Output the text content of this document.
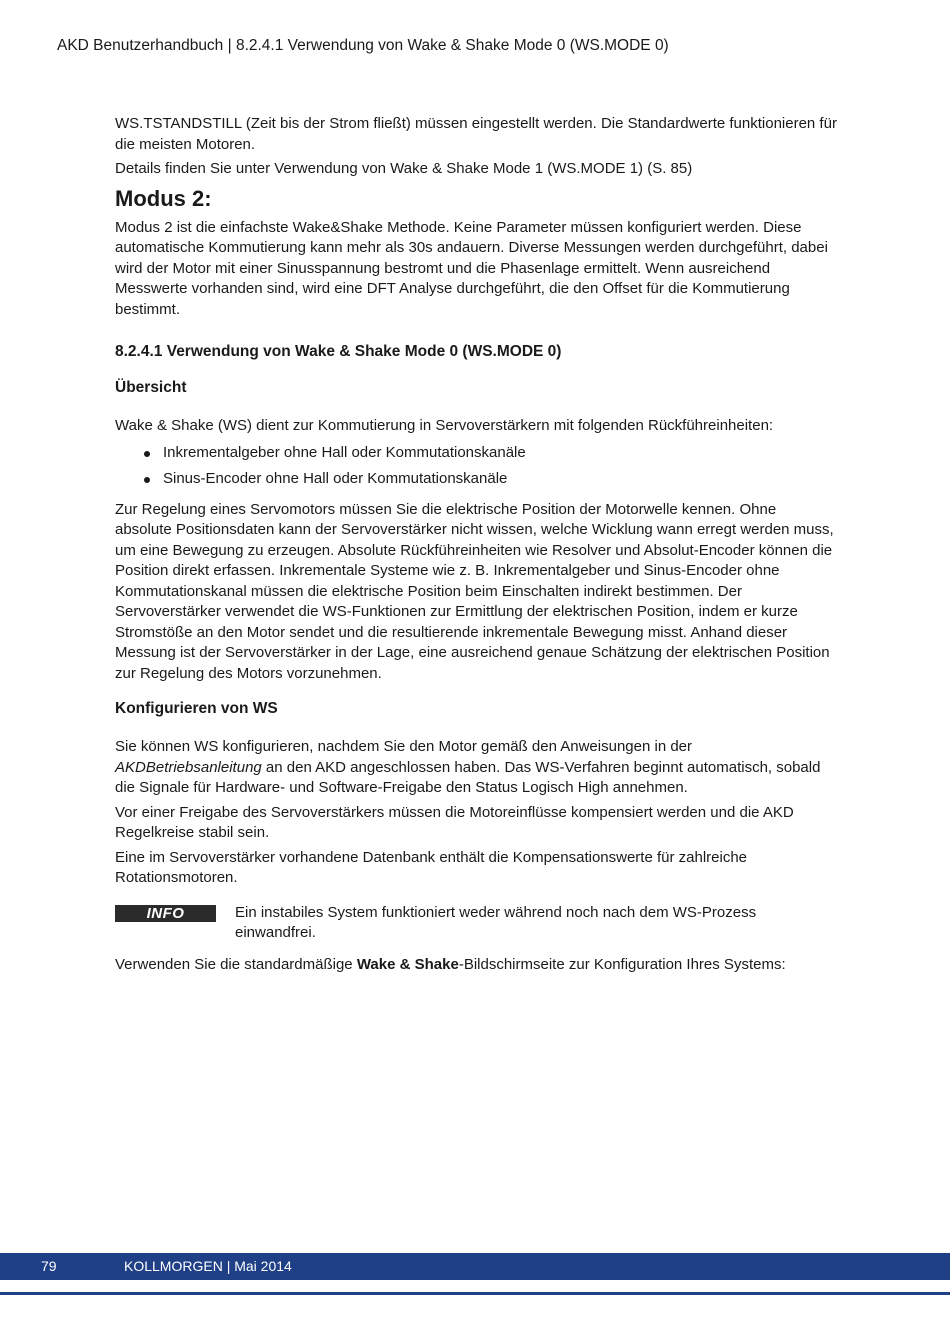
AKD Benutzerhandbuch | 8.2.4.1 Verwendung von Wake & Shake Mode 0 (WS.MODE 0)

WS.TSTANDSTILL (Zeit bis der Strom fließt) müssen eingestellt werden. Die Standardwerte funktionieren für die meisten Motoren.

Details finden Sie unter Verwendung von Wake & Shake Mode 1 (WS.MODE 1) (S. 85)

Modus 2:

Modus 2 ist die einfachste Wake&Shake Methode. Keine Parameter müssen konfiguriert werden. Diese automatische Kommutierung kann mehr als 30s andauern. Diverse Messungen werden durchgeführt, dabei wird der Motor mit einer Sinusspannung bestromt und die Phasenlage ermittelt. Wenn ausreichend Messwerte vorhanden sind, wird eine DFT Analyse durchgeführt, die den Offset für die Kommutierung bestimmt.

8.2.4.1 Verwendung von Wake & Shake Mode 0 (WS.MODE 0)
Übersicht

Wake & Shake (WS) dient zur Kommutierung in Servoverstärkern mit folgenden Rückführeinheiten:

Inkrementalgeber ohne Hall oder Kommutationskanäle
Sinus-Encoder ohne Hall oder Kommutationskanäle

Zur Regelung eines Servomotors müssen Sie die elektrische Position der Motorwelle kennen. Ohne absolute Positionsdaten kann der Servoverstärker nicht wissen, welche Wicklung wann erregt werden muss, um eine Bewegung zu erzeugen. Absolute Rückführeinheiten wie Resolver und Absolut-Encoder können die Position direkt erfassen. Inkrementale Systeme wie z. B. Inkrementalgeber und Sinus-Encoder ohne Kommutationskanal müssen die elektrische Position beim Einschalten indirekt bestimmen. Der Servoverstärker verwendet die WS-Funktionen zur Ermittlung der elektrischen Position, indem er kurze Stromstöße an den Motor sendet und die resultierende inkrementale Bewegung misst. Anhand dieser Messung ist der Servoverstärker in der Lage, eine ausreichend genaue Schätzung der elektrischen Position zur Regelung des Motors vorzunehmen.

Konfigurieren von WS

Sie können WS konfigurieren, nachdem Sie den Motor gemäß den Anweisungen in der AKDBetriebsanleitung an den AKD angeschlossen haben. Das WS-Verfahren beginnt automatisch, sobald die Signale für Hardware- und Software-Freigabe den Status Logisch High annehmen.

Vor einer Freigabe des Servoverstärkers müssen die Motoreinflüsse kompensiert werden und die AKD Regelkreise stabil sein.

Eine im Servoverstärker vorhandene Datenbank enthält die Kompensationswerte für zahlreiche Rotationsmotoren.

INFO	Ein instabiles System funktioniert weder während noch nach dem WS-Prozess einwandfrei.

Verwenden Sie die standardmäßige Wake & Shake-Bildschirmseite zur Konfiguration Ihres Systems:

79	KOLLMORGEN | Mai 2014
